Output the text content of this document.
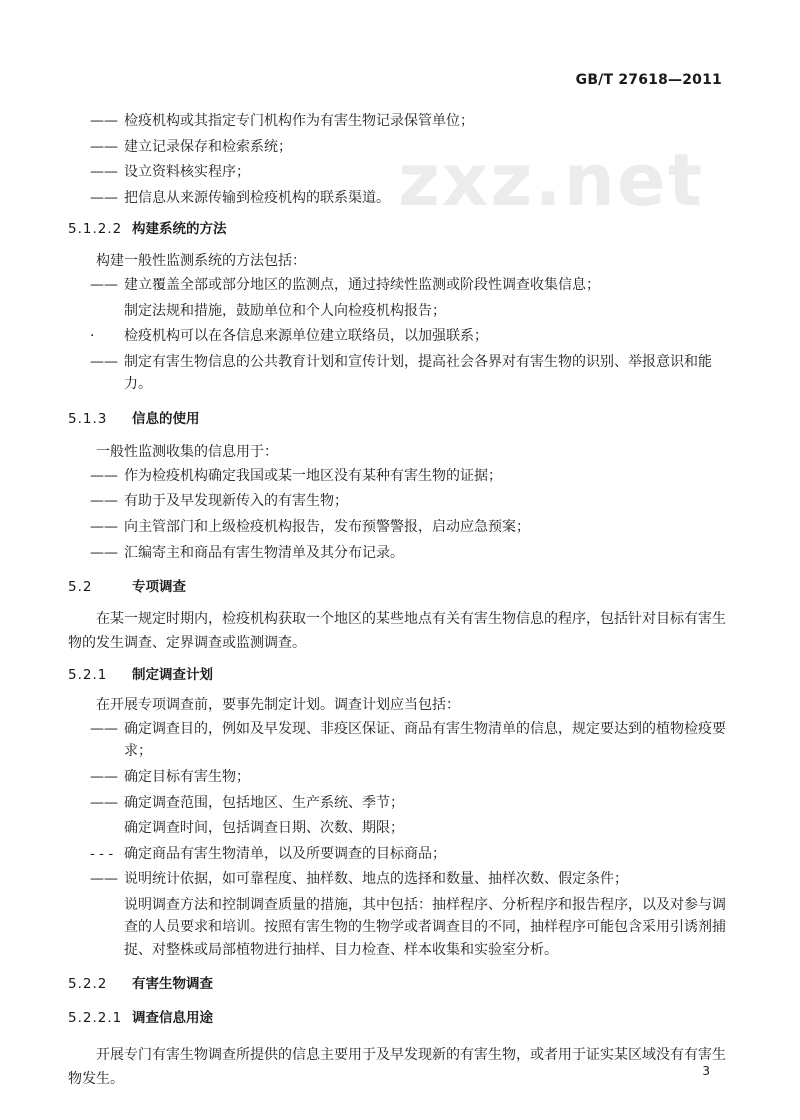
GB/T 27618—2011
zxz.net
—— 检疫机构或其指定专门机构作为有害生物记录保管单位；
—— 建立记录保存和检索系统；
—— 设立资料核实程序；
—— 把信息从来源传输到检疫机构的联系渠道。
5.1.2.2 构建系统的方法

构建一般性监测系统的方法包括：

—— 建立覆盖全部或部分地区的监测点，通过持续性监测或阶段性调查收集信息；
制定法规和措施，鼓励单位和个人向检疫机构报告；
·	检疫机构可以在各信息来源单位建立联络员，以加强联系；
—— 制定有害生物信息的公共教育计划和宣传计划，提高社会各界对有害生物的识别、举报意识和能力。
5.1.3 信息的使用

一般性监测收集的信息用于：

—— 作为检疫机构确定我国或某一地区没有某种有害生物的证据；
—— 有助于及早发现新传入的有害生物；
—— 向主管部门和上级检疫机构报告，发布预警警报，启动应急预案；
—— 汇编寄主和商品有害生物清单及其分布记录。
5.2	专项调查

在某一规定时期内，检疫机构获取一个地区的某些地点有关有害生物信息的程序，包括针对目标有害生物的发生调查、定界调查或监测调查。

5.2.1 制定调查计划

在开展专项调查前，要事先制定计划。调查计划应当包括：

—— 确定调查目的，例如及早发现、非疫区保证、商品有害生物清单的信息，规定要达到的植物检疫要求；
—— 确定目标有害生物；
—— 确定调查范围，包括地区、生产系统、季节；
确定调查时间，包括调查日期、次数、期限；
- - - 确定商品有害生物清单，以及所要调查的目标商品；
—— 说明统计依据，如可靠程度、抽样数、地点的选择和数量、抽样次数、假定条件；
说明调查方法和控制调查质量的措施，其中包括：抽样程序、分析程序和报告程序，以及对参与调查的人员要求和培训。按照有害生物的生物学或者调查目的不同，抽样程序可能包含采用引诱剂捕捉、对整株或局部植物进行抽样、目力检查、样本收集和实验室分析。
5.2.2 有害生物调查
5.2.2.1 调查信息用途

开展专门有害生物调查所提供的信息主要用于及早发现新的有害生物，或者用于证实某区域没有有害生物发生。

3
